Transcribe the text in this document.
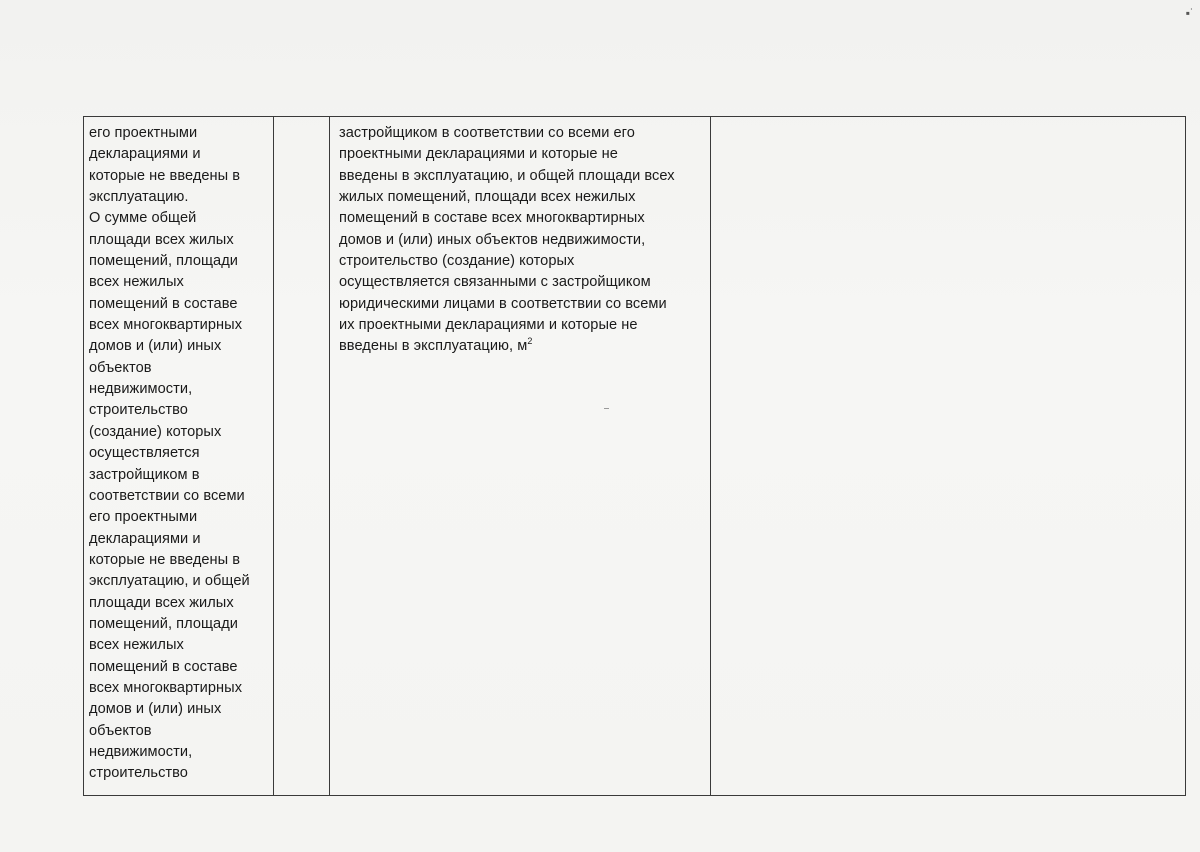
▪︎˙
его проектными
декларациями и
которые не введены в
эксплуатацию.
О сумме общей
площади всех жилых
помещений, площади
всех нежилых
помещений в составе
всех многоквартирных
домов и (или) иных
объектов
недвижимости,
строительство
(создание) которых
осуществляется
застройщиком в
соответствии со всеми
его проектными
декларациями и
которые не введены в
эксплуатацию, и общей
площади всех жилых
помещений, площади
всех нежилых
помещений в составе
всех многоквартирных
домов и (или) иных
объектов
недвижимости,
строительство

застройщиком в соответствии со всеми его
проектными декларациями и которые не
введены в эксплуатацию, и общей площади всех
жилых помещений, площади всех нежилых
помещений в составе всех многоквартирных
домов и (или) иных объектов недвижимости,
строительство (создание) которых
осуществляется связанными с застройщиком
юридическими лицами в соответствии со всеми
их проектными декларациями и которые не
введены в эксплуатацию, $м^2$
